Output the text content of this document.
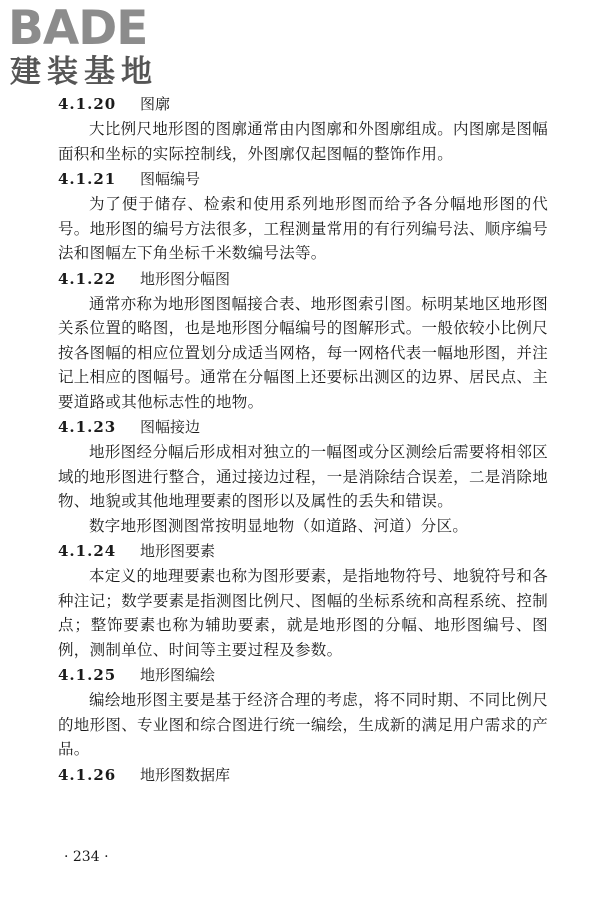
BADE
建装基地
4.1.20 图廓

大比例尺地形图的图廓通常由内图廓和外图廓组成。内图廓是图幅面积和坐标的实际控制线，外图廓仅起图幅的整饰作用。

4.1.21 图幅编号

为了便于储存、检索和使用系列地形图而给予各分幅地形图的代号。地形图的编号方法很多，工程测量常用的有行列编号法、顺序编号法和图幅左下角坐标千米数编号法等。

4.1.22 地形图分幅图

通常亦称为地形图图幅接合表、地形图索引图。标明某地区地形图关系位置的略图，也是地形图分幅编号的图解形式。一般依较小比例尺按各图幅的相应位置划分成适当网格，每一网格代表一幅地形图，并注记上相应的图幅号。通常在分幅图上还要标出测区的边界、居民点、主要道路或其他标志性的地物。

4.1.23 图幅接边

地形图经分幅后形成相对独立的一幅图或分区测绘后需要将相邻区域的地形图进行整合，通过接边过程，一是消除结合误差，二是消除地物、地貌或其他地理要素的图形以及属性的丢失和错误。

数字地形图测图常按明显地物（如道路、河道）分区。

4.1.24 地形图要素

本定义的地理要素也称为图形要素，是指地物符号、地貌符号和各种注记；数学要素是指测图比例尺、图幅的坐标系统和高程系统、控制点；整饰要素也称为辅助要素，就是地形图的分幅、地形图编号、图例，测制单位、时间等主要过程及参数。

4.1.25 地形图编绘

编绘地形图主要是基于经济合理的考虑，将不同时期、不同比例尺的地形图、专业图和综合图进行统一编绘，生成新的满足用户需求的产品。

4.1.26 地形图数据库
· 234 ·
